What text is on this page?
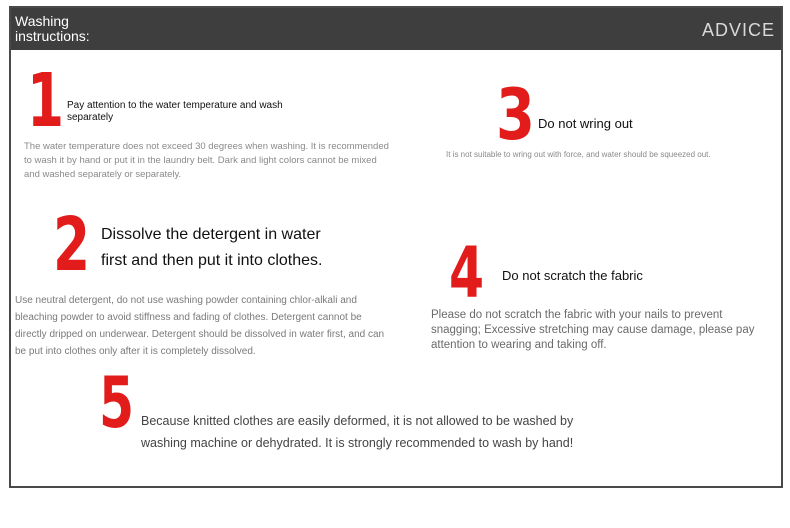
Washing instructions:	ADVICE
1 Pay attention to the water temperature and wash separately
The water temperature does not exceed 30 degrees when washing. It is recommended to wash it by hand or put it in the laundry belt. Dark and light colors cannot be mixed and washed separately or separately.
2 Dissolve the detergent in water first and then put it into clothes.
Use neutral detergent, do not use washing powder containing chlor-alkali and bleaching powder to avoid stiffness and fading of clothes. Detergent cannot be directly dripped on underwear. Detergent should be dissolved in water first, and can be put into clothes only after it is completely dissolved.
3 Do not wring out
It is not suitable to wring out with force, and water should be squeezed out.
4 Do not scratch the fabric
Please do not scratch the fabric with your nails to prevent snagging; Excessive stretching may cause damage, please pay attention to wearing and taking off.
5 Because knitted clothes are easily deformed, it is not allowed to be washed by washing machine or dehydrated. It is strongly recommended to wash by hand!
